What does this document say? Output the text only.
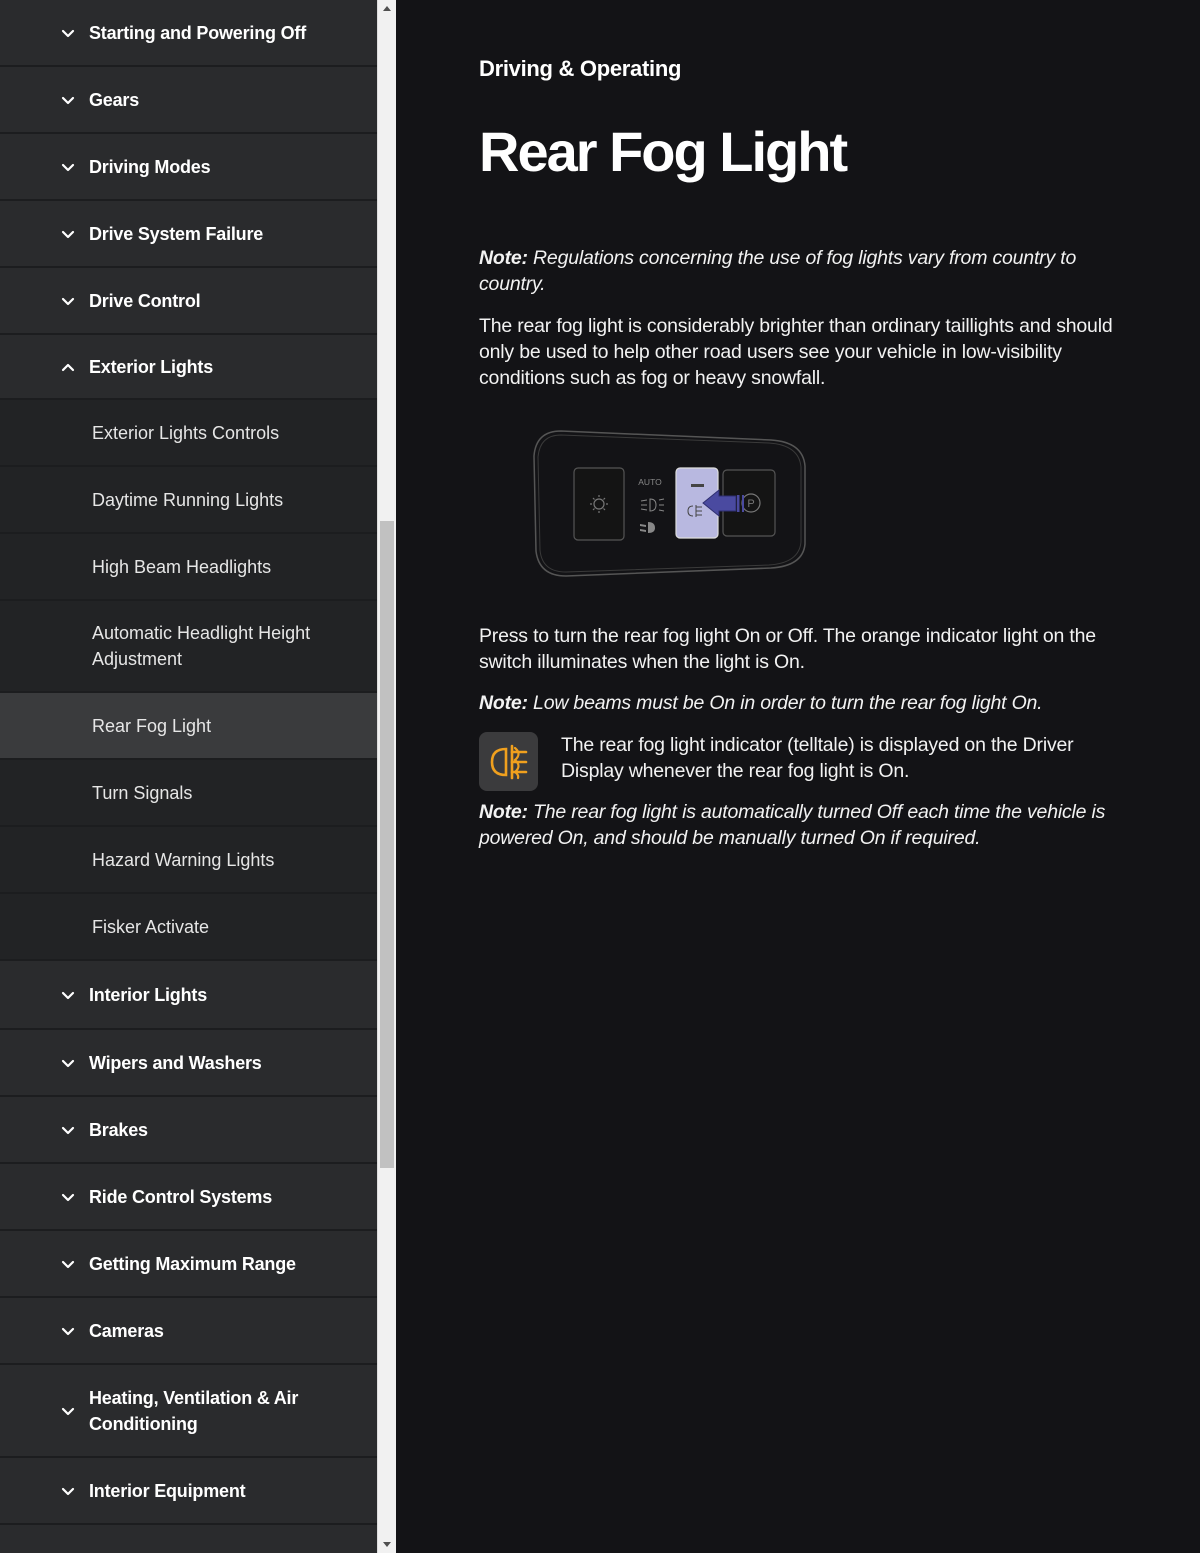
Starting and Powering Off
Gears
Driving Modes
Drive System Failure
Drive Control
Exterior Lights
Exterior Lights Controls
Daytime Running Lights
High Beam Headlights
Automatic Headlight Height Adjustment
Rear Fog Light
Turn Signals
Hazard Warning Lights
Fisker Activate
Interior Lights
Wipers and Washers
Brakes
Ride Control Systems
Getting Maximum Range
Cameras
Heating, Ventilation & Air Conditioning
Interior Equipment
Driving & Operating
Rear Fog Light

Note: Regulations concerning the use of fog lights vary from country to country.

The rear fog light is considerably brighter than ordinary taillights and should only be used to help other road users see your vehicle in low-visibility conditions such as fog or heavy snowfall.

AUTO
P

Press to turn the rear fog light On or Off. The orange indicator light on the switch illuminates when the light is On.

Note: Low beams must be On in order to turn the rear fog light On.

The rear fog light indicator (telltale) is displayed on the Driver Display whenever the rear fog light is On.

Note: The rear fog light is automatically turned Off each time the vehicle is powered On, and should be manually turned On if required.
